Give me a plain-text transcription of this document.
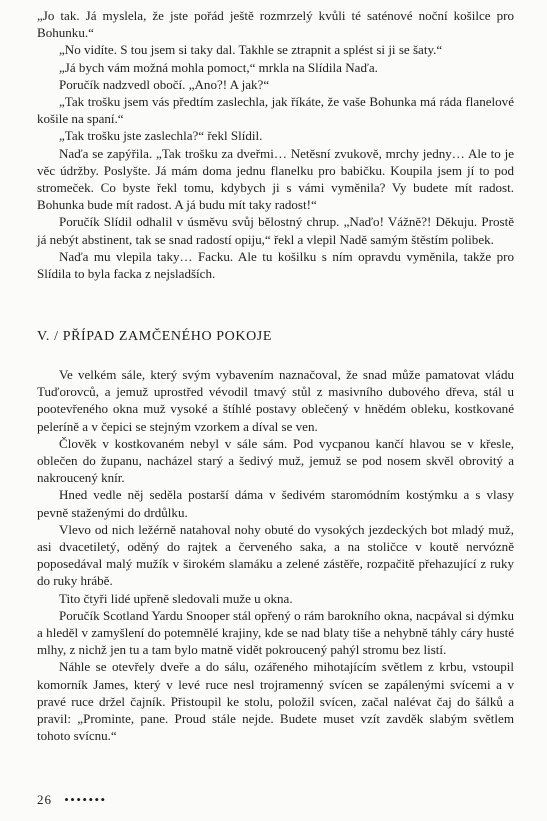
„Jo tak. Já myslela, že jste pořád ještě rozmrzelý kvůli té saténové noční košilce pro Bohunku.“

„No vidíte. S tou jsem si taky dal. Takhle se ztrapnit a splést si ji se šaty.“

„Já bych vám možná mohla pomoct,“ mrkla na Slídila Naďa.

Poručík nadzvedl obočí. „Ano?! A jak?“

„Tak trošku jsem vás předtím zaslechla, jak říkáte, že vaše Bohunka má ráda flanelové košile na spaní.“

„Tak trošku jste zaslechla?“ řekl Slídil.

Naďa se zapýřila. „Tak trošku za dveřmi… Netěsní zvukově, mrchy jedny… Ale to je věc údržby. Poslyšte. Já mám doma jednu flanelku pro babičku. Koupila jsem jí to pod stromeček. Co byste řekl tomu, kdybych ji s vámi vyměnila? Vy budete mít radost. Bohunka bude mít radost. A já budu mít taky radost!“

Poručík Slídil odhalil v úsměvu svůj bělostný chrup. „Naďo! Vážně?! Děkuju. Prostě já nebýt abstinent, tak se snad radostí opiju,“ řekl a vlepil Nadě samým štěstím polibek.

Naďa mu vlepila taky… Facku. Ale tu košilku s ním opravdu vyměnila, takže pro Slídila to byla facka z nejsladších.

V. / PŘÍPAD ZAMČENÉHO POKOJE

Ve velkém sále, který svým vybavením naznačoval, že snad může pamatovat vládu Tuďorovců, a jemuž uprostřed vévodil tmavý stůl z masivního dubového dřeva, stál u pootevřeného okna muž vysoké a štíhlé postavy oblečený v hnědém obleku, kostkované peleríně a v čepici se stejným vzorkem a díval se ven.

Člověk v kostkovaném nebyl v sále sám. Pod vycpanou kančí hlavou se v křesle, oblečen do županu, nacházel starý a šedivý muž, jemuž se pod nosem skvěl obrovitý a nakroucený knír.

Hned vedle něj seděla postarší dáma v šedivém staromódním kostýmku a s vlasy pevně staženými do drdůlku.

Vlevo od nich ležérně natahoval nohy obuté do vysokých jezdeckých bot mladý muž, asi dvacetiletý, oděný do rajtek a červeného saka, a na stoličce v koutě nervózně poposedával malý mužík v širokém slamáku a zelené zástěře, rozpačitě přehazující z ruky do ruky hrábě.

Tito čtyři lidé upřeně sledovali muže u okna.

Poručík Scotland Yardu Snooper stál opřený o rám barokního okna, nacpával si dýmku a hleděl v zamyšlení do potemnělé krajiny, kde se nad blaty tiše a nehybně táhly cáry husté mlhy, z nichž jen tu a tam bylo matně vidět pokroucený pahýl stromu bez listí.

Náhle se otevřely dveře a do sálu, ozářeného mihotajícím světlem z krbu, vstoupil komorník James, který v levé ruce nesl trojramenný svícen se zapálenými svícemi a v pravé ruce držel čajník. Přistoupil ke stolu, položil svícen, začal nalévat čaj do šálků a pravil: „Prominte, pane. Proud stále nejde. Budete muset vzít zavděk slabým světlem tohoto svícnu.“

26 •••••••
